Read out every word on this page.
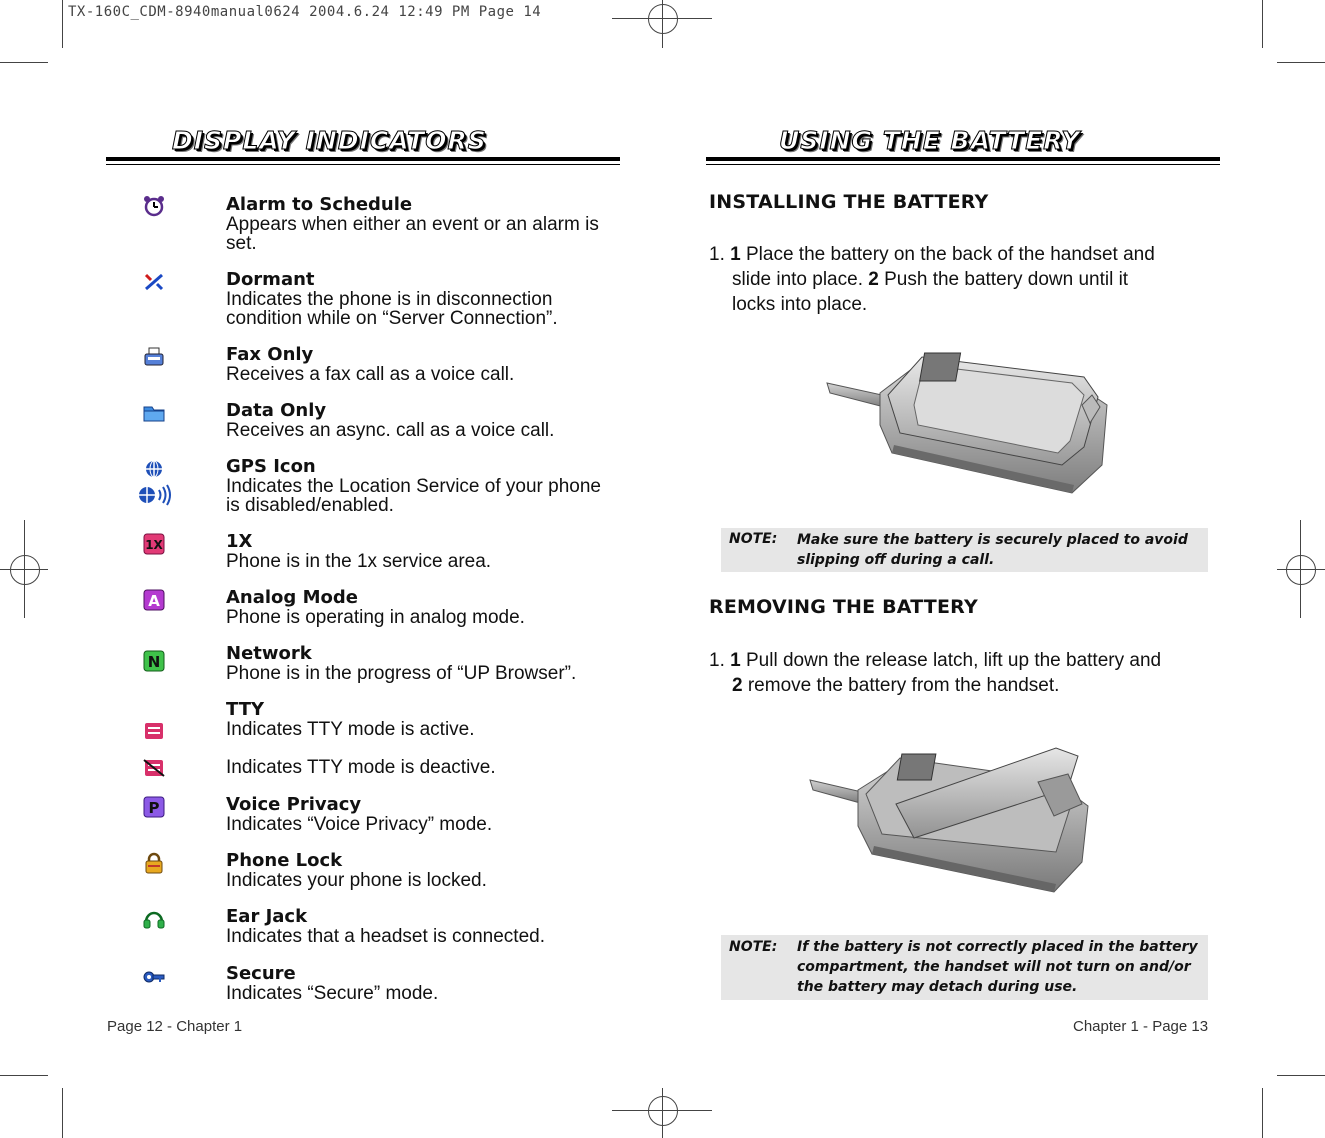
TX-160C_CDM-8940manual0624 2004.6.24 12:49 PM Page 14
DISPLAY INDICATORS
1X
A
N
P
Alarm to Schedule
Appears when either an event or an alarm is set.
Dormant
Indicates the phone is in disconnection condition while on “Server Connection”.
Fax Only
Receives a fax call as a voice call.
Data Only
Receives an async. call as a voice call.
GPS Icon
Indicates the Location Service of your phone is disabled/enabled.
1X
Phone is in the 1x service area.
Analog Mode
Phone is operating in analog mode.
Network
Phone is in the progress of “UP Browser”.
TTY
Indicates TTY mode is active.
Indicates TTY mode is deactive.
Voice Privacy
Indicates “Voice Privacy” mode.
Phone Lock
Indicates your phone is locked.
Ear Jack
Indicates that a headset is connected.
Secure
Indicates “Secure” mode.
Page 12 - Chapter 1
USING THE BATTERY
INSTALLING THE BATTERY
1. 1 Place the battery on the back of the handset and
slide into place. 2 Push the battery down until it
locks into place.
NOTE: Make sure the battery is securely placed to avoid slipping off during a call.
REMOVING THE BATTERY
1. 1 Pull down the release latch, lift up the battery and
2 remove the battery from the handset.
NOTE: If the battery is not correctly placed in the battery compartment, the handset will not turn on and/or the battery may detach during use.
Chapter 1 - Page 13
